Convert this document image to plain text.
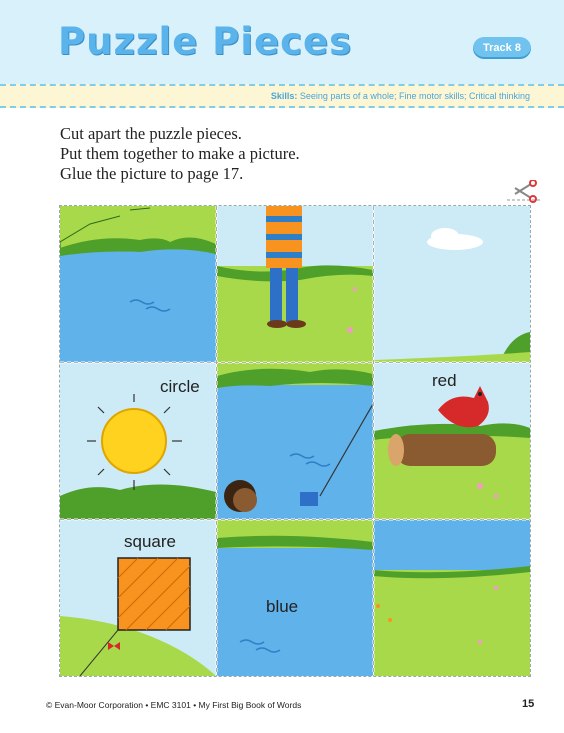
Puzzle Pieces	Track 8
Skills: Seeing parts of a whole; Fine motor skills; Critical thinking
Cut apart the puzzle pieces.
Put them together to make a picture.
Glue the picture to page 17.
circle	red
square
blue
© Evan-Moor Corporation • EMC 3101 • My First Big Book of Words	15
